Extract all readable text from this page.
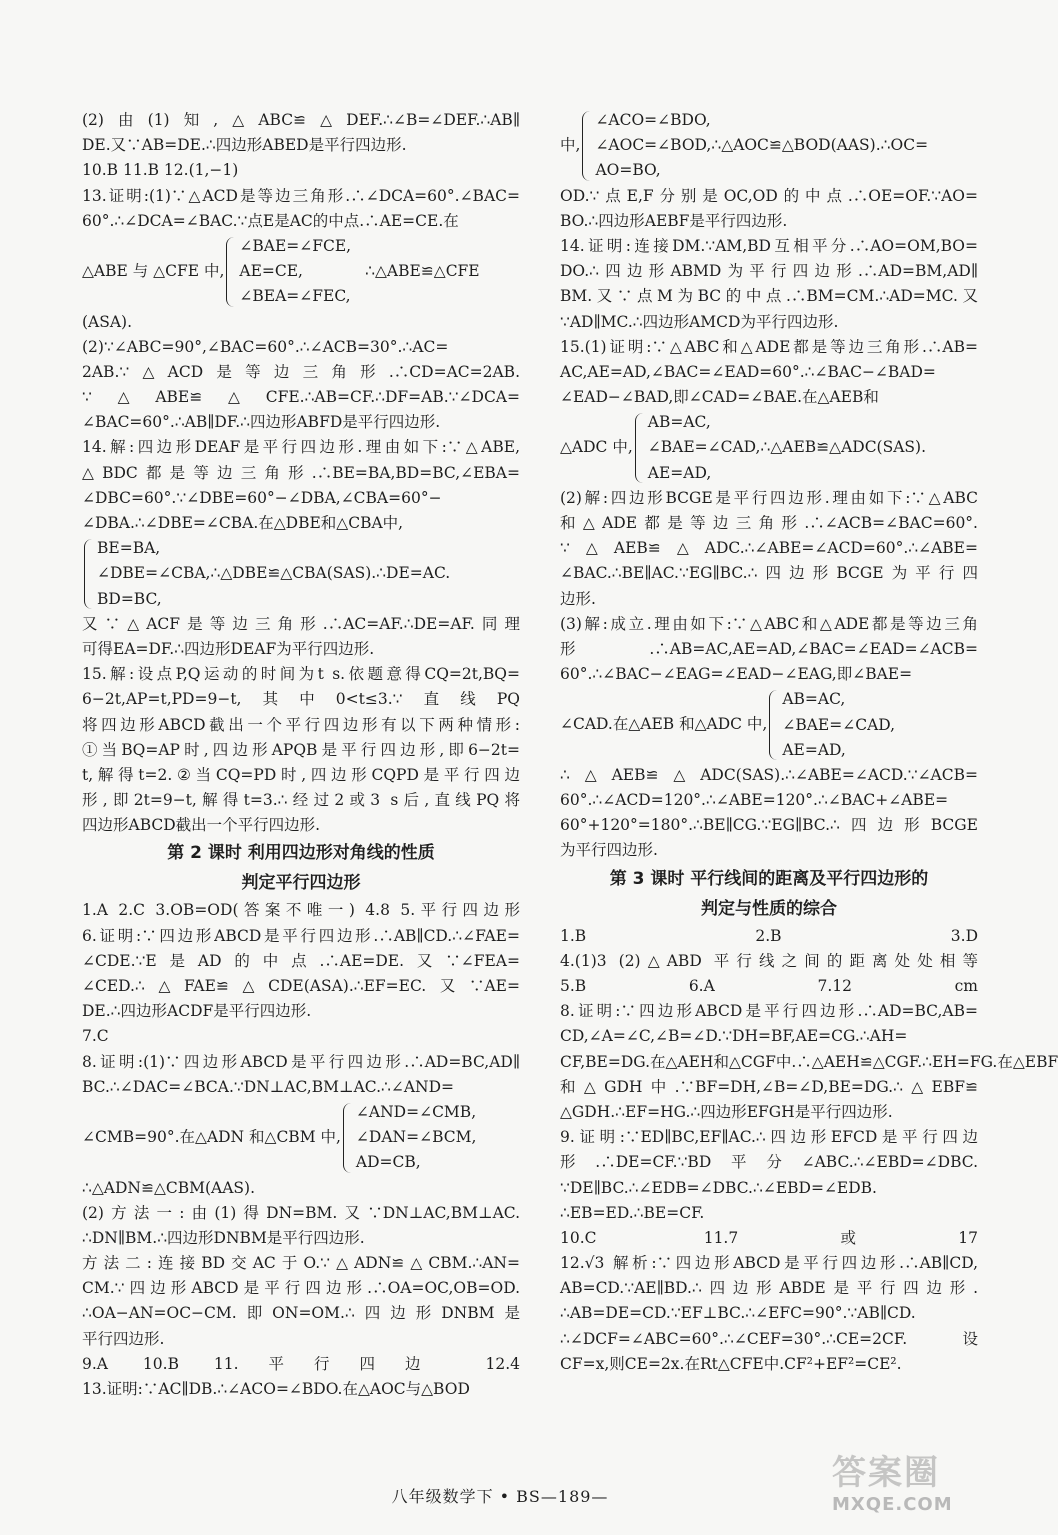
(2)由(1)知,△ABC≌△DEF.∴∠B=∠DEF.∴AB∥
DE.又∵AB=DE.∴四边形ABED是平行四边形.
10.B 11.B 12.(1,−1)
13.证明:(1)∵△ACD是等边三角形.∴∠DCA=60°.∠BAC=
60°.∴∠DCA=∠BAC.∵点E是AC的中点.∴AE=CE.在
△ABE 与 △CFE 中,
∠BAE=∠FCE,
AE=CE,
∠BEA=∠FEC,
∴△ABE≌△CFE
(ASA).
(2)∵∠ABC=90°,∠BAC=60°.∴∠ACB=30°.∴AC=
2AB.∵△ACD是等边三角形.∴CD=AC=2AB.
∵△ABE≌△CFE.∴AB=CF.∴DF=AB.∵∠DCA=
∠BAC=60°.∴AB∥DF.∴四边形ABFD是平行四边形.
14.解:四边形DEAF是平行四边形.理由如下:∵△ABE,
△BDC都是等边三角形.∴BE=BA,BD=BC,∠EBA=
∠DBC=60°.∵∠DBE=60°−∠DBA,∠CBA=60°−
∠DBA.∴∠DBE=∠CBA.在△DBE和△CBA中,
BE=BA,
∠DBE=∠CBA,∴△DBE≌△CBA(SAS).∴DE=AC.
BD=BC,
又∵△ACF是等边三角形.∴AC=AF.∴DE=AF.同理
可得EA=DF.∴四边形DEAF为平行四边形.
15.解:设点P,Q运动的时间为t s.依题意得CQ=2t,BQ=
6−2t,AP=t,PD=9−t,其中0<t≤3.∵直线PQ
将四边形ABCD截出一个平行四边形有以下两种情形:
①当BQ=AP时,四边形APQB是平行四边形,即6−2t=
t,解得t=2.②当CQ=PD时,四边形CQPD是平行四边
形,即2t=9−t,解得t=3.∴经过2或3 s后,直线PQ将
四边形ABCD截出一个平行四边形.
第 2 课时 利用四边形对角线的性质
判定平行四边形
1.A 2.C 3.OB=OD(答案不唯一) 4.8 5.平行四边形
6.证明:∵四边形ABCD是平行四边形.∴AB∥CD.∴∠FAE=
∠CDE.∵E是AD的中点.∴AE=DE.又∵∠FEA=
∠CED.∴△FAE≌△CDE(ASA).∴EF=EC.又∵AE=
DE.∴四边形ACDF是平行四边形.
7.C
8.证明:(1)∵四边形ABCD是平行四边形.∴AD=BC,AD∥
BC.∴∠DAC=∠BCA.∵DN⊥AC,BM⊥AC.∴∠AND=
∠CMB=90°.在△ADN 和△CBM 中,
∠AND=∠CMB,
∠DAN=∠BCM,
AD=CB,
∴△ADN≌△CBM(AAS).
(2)方法一:由(1)得DN=BM.又∵DN⊥AC,BM⊥AC.
∴DN∥BM.∴四边形DNBM是平行四边形.
方法二:连接BD交AC于O.∵△ADN≌△CBM.∴AN=
CM.∵四边形ABCD是平行四边形.∴OA=OC,OB=OD.
∴OA−AN=OC−CM.即ON=OM.∴四边形DNBM是
平行四边形.
9.A 10.B 11.平行四边 12.4
13.证明:∵AC∥DB.∴∠ACO=∠BDO.在△AOC与△BOD
中,
∠ACO=∠BDO,
∠AOC=∠BOD,∴△AOC≌△BOD(AAS).∴OC=
AO=BO,
OD.∵点E,F分别是OC,OD的中点.∴OE=OF.∵AO=
BO.∴四边形AEBF是平行四边形.
14.证明:连接DM.∵AM,BD互相平分.∴AO=OM,BO=
DO.∴四边形ABMD为平行四边形.∴AD=BM,AD∥
BM.又∵点M为BC的中点.∴BM=CM.∴AD=MC.又
∵AD∥MC.∴四边形AMCD为平行四边形.
15.(1)证明:∵△ABC和△ADE都是等边三角形.∴AB=
AC,AE=AD,∠BAC=∠EAD=60°.∴∠BAC−∠BAD=
∠EAD−∠BAD,即∠CAD=∠BAE.在△AEB和
△ADC 中,
AB=AC,
∠BAE=∠CAD,∴△AEB≌△ADC(SAS).
AE=AD,
(2)解:四边形BCGE是平行四边形.理由如下:∵△ABC
和△ADE都是等边三角形.∴∠ACB=∠BAC=60°.
∵△AEB≌△ADC.∴∠ABE=∠ACD=60°.∴∠ABE=
∠BAC.∴BE∥AC.∵EG∥BC.∴四边形BCGE为平行四
边形.
(3)解:成立.理由如下:∵△ABC和△ADE都是等边三角
形.∴AB=AC,AE=AD,∠BAC=∠EAD=∠ACB=
60°.∴∠BAC−∠EAG=∠EAD−∠EAG,即∠BAE=
∠CAD.在△AEB 和△ADC 中,
AB=AC,
∠BAE=∠CAD,
AE=AD,
∴△AEB≌△ADC(SAS).∴∠ABE=∠ACD.∵∠ACB=
60°.∴∠ACD=120°.∴∠ABE=120°.∴∠BAC+∠ABE=
60°+120°=180°.∴BE∥CG.∵EG∥BC.∴四边形BCGE
为平行四边形.
第 3 课时 平行线间的距离及平行四边形的
判定与性质的综合
1.B 2.B 3.D
4.(1)3 (2)△ABD 平行线之间的距离处处相等
5.B 6.A 7.12 cm
8.证明:∵四边形ABCD是平行四边形.∴AD=BC,AB=
CD,∠A=∠C,∠B=∠D.∵DH=BF,AE=CG.∴AH=
CF,BE=DG.在△AEH和△CGF中.∴△AEH≌△CGF.∴EH=FG.在△EBF
和△GDH中.∵BF=DH,∠B=∠D,BE=DG.∴△EBF≌
△GDH.∴EF=HG.∴四边形EFGH是平行四边形.
9.证明:∵ED∥BC,EF∥AC.∴四边形EFCD是平行四边
形.∴DE=CF.∵BD平分∠ABC.∴∠EBD=∠DBC.
∵DE∥BC.∴∠EDB=∠DBC.∴∠EBD=∠EDB.
∴EB=ED.∴BE=CF.
10.C 11.7或17
12.√3 解析:∵四边形ABCD是平行四边形.∴AB∥CD,
AB=CD.∵AE∥BD.∴四边形ABDE是平行四边形.
∴AB=DE=CD.∵EF⊥BC.∴∠EFC=90°.∵AB∥CD.
∴∠DCF=∠ABC=60°.∴∠CEF=30°.∴CE=2CF.设
CF=x,则CE=2x.在Rt△CFE中.CF²+EF²=CE².
八年级数学下 • BS—189—
答案圈
MXQE.COM
